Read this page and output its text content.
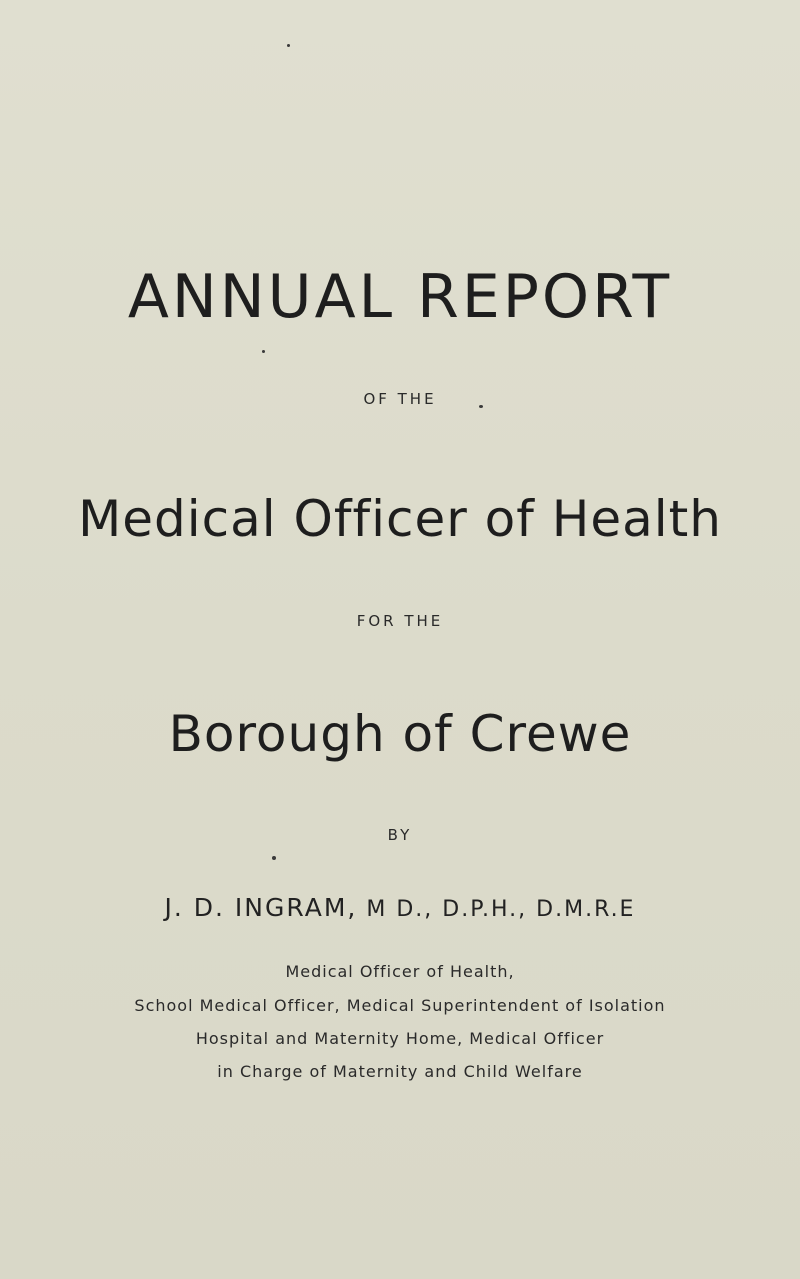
ANNUAL REPORT
OF THE
Medical Officer of Health
FOR THE
Borough of Crewe
BY
J. D. INGRAM, M D., D.P.H., D.M.R.E
Medical Officer of Health,
School Medical Officer, Medical Superintendent of Isolation
Hospital and Maternity Home, Medical Officer
in Charge of Maternity and Child Welfare
